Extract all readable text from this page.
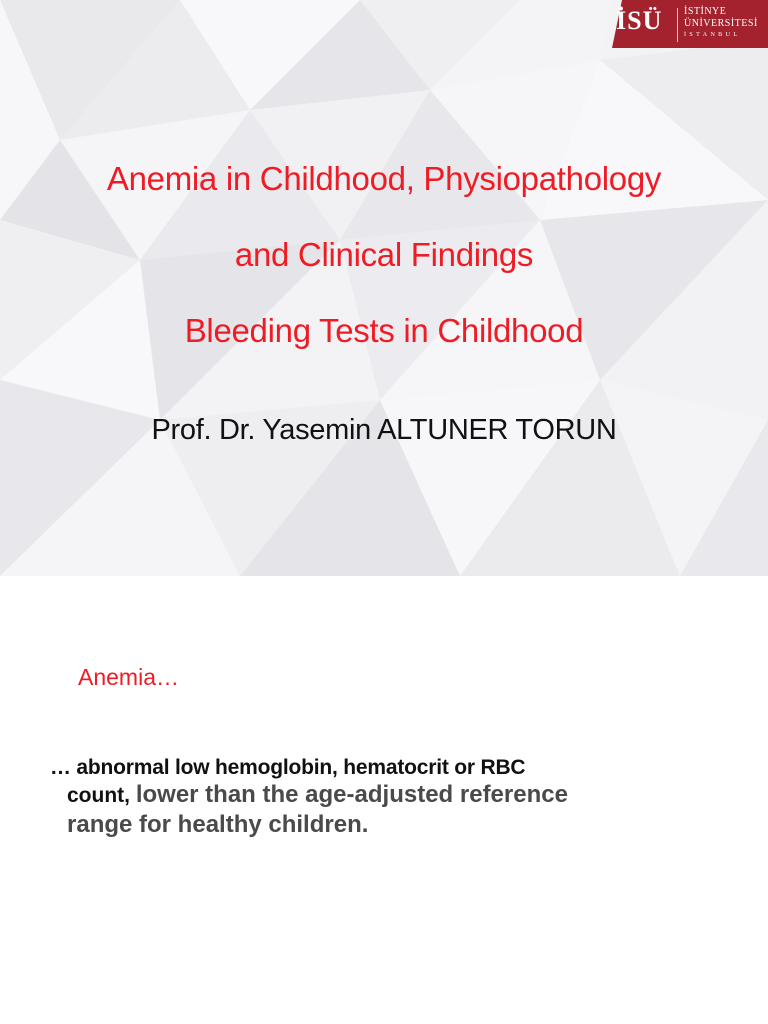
İSÜ İSTİNYE
ÜNİVERSİTESİ
İSTANBUL
Anemia in Childhood, Physiopathology
and Clinical Findings
Bleeding Tests in Childhood
Prof. Dr. Yasemin ALTUNER TORUN
Anemia…
… abnormal low hemoglobin, hematocrit or RBC
count, lower than the age-adjusted reference
range for healthy children.
